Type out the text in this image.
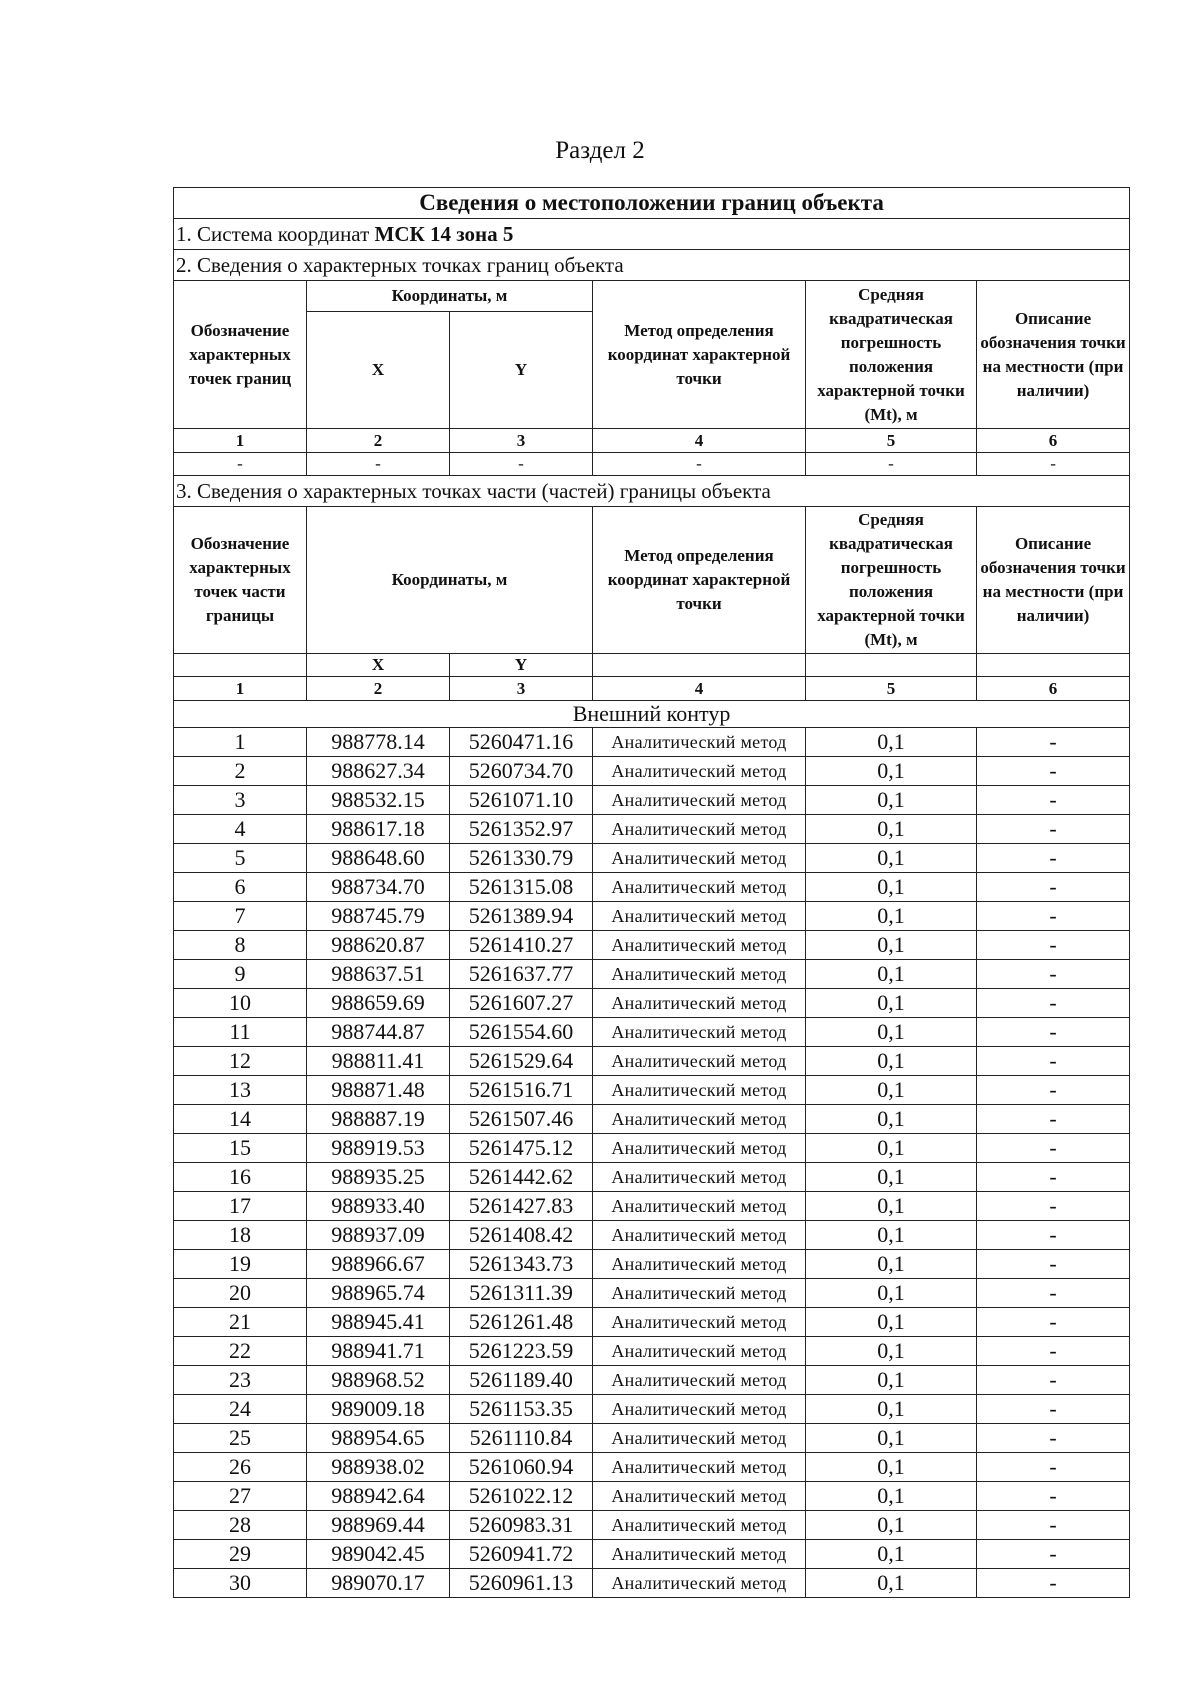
Раздел 2
Сведения о местоположении границ объекта					
1. Система координат МСК 14 зона 5					
2. Сведения о характерных точках границ объекта					
Обозначение характерных точек границ	Координаты, м		Метод определения координат характерной точки	Средняя квадратическая погрешность положения характерной точки (Mt), м	Описание обозначения точки на местности (при наличии)
	X	Y			
1	2	3	4	5	6
-	-	-	-	-	-
3. Сведения о характерных точках части (частей) границы объекта					
Обозначение характерных точек части границы	Координаты, м		Метод определения координат характерной точки	Средняя квадратическая погрешность положения характерной точки (Mt), м	Описание обозначения точки на местности (при наличии)
	X	Y			
1	2	3	4	5	6
Внешний контур					
1	988778.14	5260471.16	Аналитический метод	0,1	-
2	988627.34	5260734.70	Аналитический метод	0,1	-
3	988532.15	5261071.10	Аналитический метод	0,1	-
4	988617.18	5261352.97	Аналитический метод	0,1	-
5	988648.60	5261330.79	Аналитический метод	0,1	-
6	988734.70	5261315.08	Аналитический метод	0,1	-
7	988745.79	5261389.94	Аналитический метод	0,1	-
8	988620.87	5261410.27	Аналитический метод	0,1	-
9	988637.51	5261637.77	Аналитический метод	0,1	-
10	988659.69	5261607.27	Аналитический метод	0,1	-
11	988744.87	5261554.60	Аналитический метод	0,1	-
12	988811.41	5261529.64	Аналитический метод	0,1	-
13	988871.48	5261516.71	Аналитический метод	0,1	-
14	988887.19	5261507.46	Аналитический метод	0,1	-
15	988919.53	5261475.12	Аналитический метод	0,1	-
16	988935.25	5261442.62	Аналитический метод	0,1	-
17	988933.40	5261427.83	Аналитический метод	0,1	-
18	988937.09	5261408.42	Аналитический метод	0,1	-
19	988966.67	5261343.73	Аналитический метод	0,1	-
20	988965.74	5261311.39	Аналитический метод	0,1	-
21	988945.41	5261261.48	Аналитический метод	0,1	-
22	988941.71	5261223.59	Аналитический метод	0,1	-
23	988968.52	5261189.40	Аналитический метод	0,1	-
24	989009.18	5261153.35	Аналитический метод	0,1	-
25	988954.65	5261110.84	Аналитический метод	0,1	-
26	988938.02	5261060.94	Аналитический метод	0,1	-
27	988942.64	5261022.12	Аналитический метод	0,1	-
28	988969.44	5260983.31	Аналитический метод	0,1	-
29	989042.45	5260941.72	Аналитический метод	0,1	-
30	989070.17	5260961.13	Аналитический метод	0,1	-
